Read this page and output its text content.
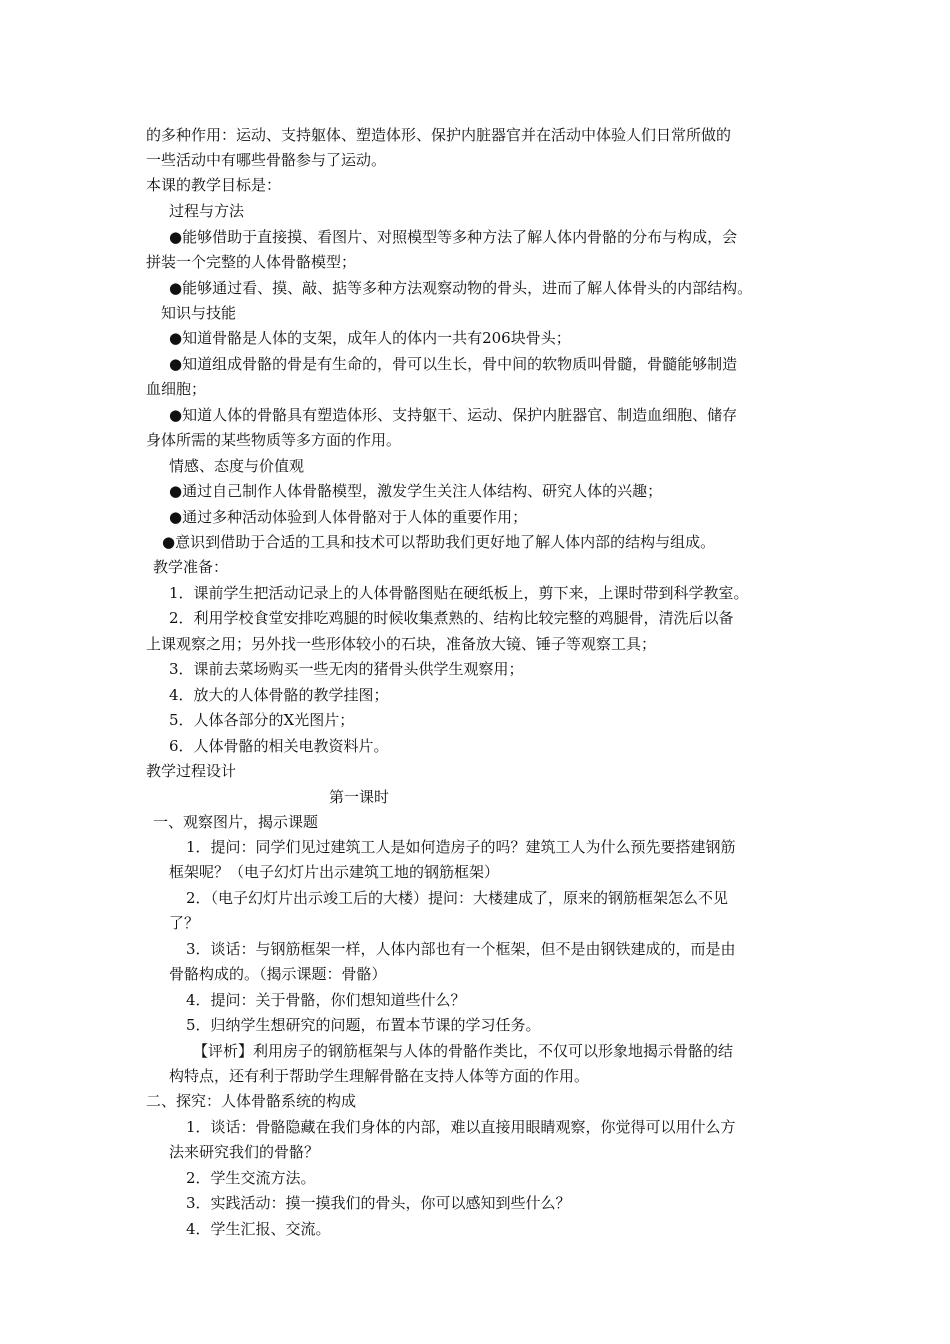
的多种作用：运动、支持躯体、塑造体形、保护内脏器官并在活动中体验人们日常所做的
一些活动中有哪些骨骼参与了运动。
本课的教学目标是：
过程与方法
●能够借助于直接摸、看图片、对照模型等多种方法了解人体内骨骼的分布与构成，会
拼装一个完整的人体骨骼模型；
●能够通过看、摸、敲、掂等多种方法观察动物的骨头，进而了解人体骨头的内部结构。
知识与技能
●知道骨骼是人体的支架，成年人的体内一共有206块骨头；
●知道组成骨骼的骨是有生命的，骨可以生长，骨中间的软物质叫骨髓，骨髓能够制造
血细胞；
●知道人体的骨骼具有塑造体形、支持躯干、运动、保护内脏器官、制造血细胞、储存
身体所需的某些物质等多方面的作用。
情感、态度与价值观
●通过自己制作人体骨骼模型，激发学生关注人体结构、研究人体的兴趣；
●通过多种活动体验到人体骨骼对于人体的重要作用；
●意识到借助于合适的工具和技术可以帮助我们更好地了解人体内部的结构与组成。
教学准备：
1．课前学生把活动记录上的人体骨骼图贴在硬纸板上，剪下来，上课时带到科学教室。
2．利用学校食堂安排吃鸡腿的时候收集煮熟的、结构比较完整的鸡腿骨，清洗后以备
上课观察之用；另外找一些形体较小的石块，准备放大镜、锤子等观察工具；
3．课前去菜场购买一些无肉的猪骨头供学生观察用；
4．放大的人体骨骼的教学挂图；
5．人体各部分的X光图片；
6．人体骨骼的相关电教资料片。
教学过程设计
第一课时
一、观察图片，揭示课题
1．提问：同学们见过建筑工人是如何造房子的吗？建筑工人为什么预先要搭建钢筋
框架呢？（电子幻灯片出示建筑工地的钢筋框架）
2．（电子幻灯片出示竣工后的大楼）提问：大楼建成了，原来的钢筋框架怎么不见
了？
3．谈话：与钢筋框架一样，人体内部也有一个框架，但不是由钢铁建成的，而是由
骨骼构成的。（揭示课题：骨骼）
4．提问：关于骨骼，你们想知道些什么？
5．归纳学生想研究的问题，布置本节课的学习任务。
【评析】利用房子的钢筋框架与人体的骨骼作类比，不仅可以形象地揭示骨骼的结
构特点，还有利于帮助学生理解骨骼在支持人体等方面的作用。
二、探究：人体骨骼系统的构成
1．谈话：骨骼隐藏在我们身体的内部，难以直接用眼睛观察，你觉得可以用什么方
法来研究我们的骨骼？
2．学生交流方法。
3．实践活动：摸一摸我们的骨头，你可以感知到些什么？
4．学生汇报、交流。
